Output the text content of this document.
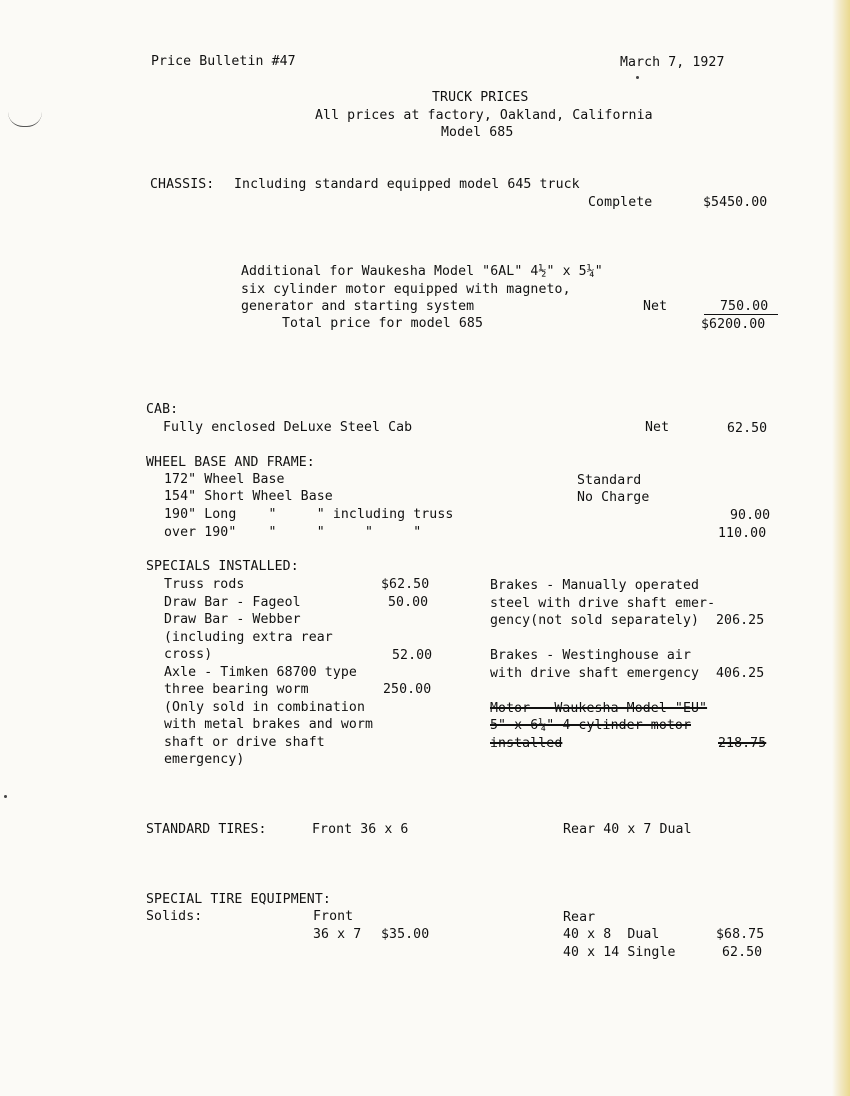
Price Bulletin #47	March 7, 1927
TRUCK PRICES
All prices at factory, Oakland, California
Model 685
CHASSIS: Including standard equipped model 645 truck
Complete	$5450.00
Additional for Waukesha Model "6AL" 4½" x 5¼"
six cylinder motor equipped with magneto,
generator and starting system	Net	750.00
Total price for model 685	$6200.00
CAB:
Fully enclosed DeLuxe Steel Cab	Net	62.50
WHEEL BASE AND FRAME:
172" Wheel Base	Standard
154" Short Wheel Base	No Charge
190" Long    "     " including truss	90.00
over 190"    "     "     "     "	110.00
SPECIALS INSTALLED:
Truss rods	$62.50
Draw Bar - Fageol	50.00
Draw Bar - Webber
(including extra rear
cross)	52.00
Axle - Timken 68700 type
three bearing worm	250.00
(Only sold in combination
with metal brakes and worm
shaft or drive shaft
emergency)
Brakes - Manually operated
steel with drive shaft emer-
gency(not sold separately) 206.25
Brakes - Westinghouse air
with drive shaft emergency 406.25
Motor - Waukesha Model "EU"
5" x 6¼" 4 cylinder motor
installed	218.75
STANDARD TIRES:	Front 36 x 6	Rear 40 x 7 Dual
SPECIAL TIRE EQUIPMENT:
Solids:	Front	Rear
36 x 7 $35.00	40 x 8  Dual	$68.75
40 x 14 Single	62.50
